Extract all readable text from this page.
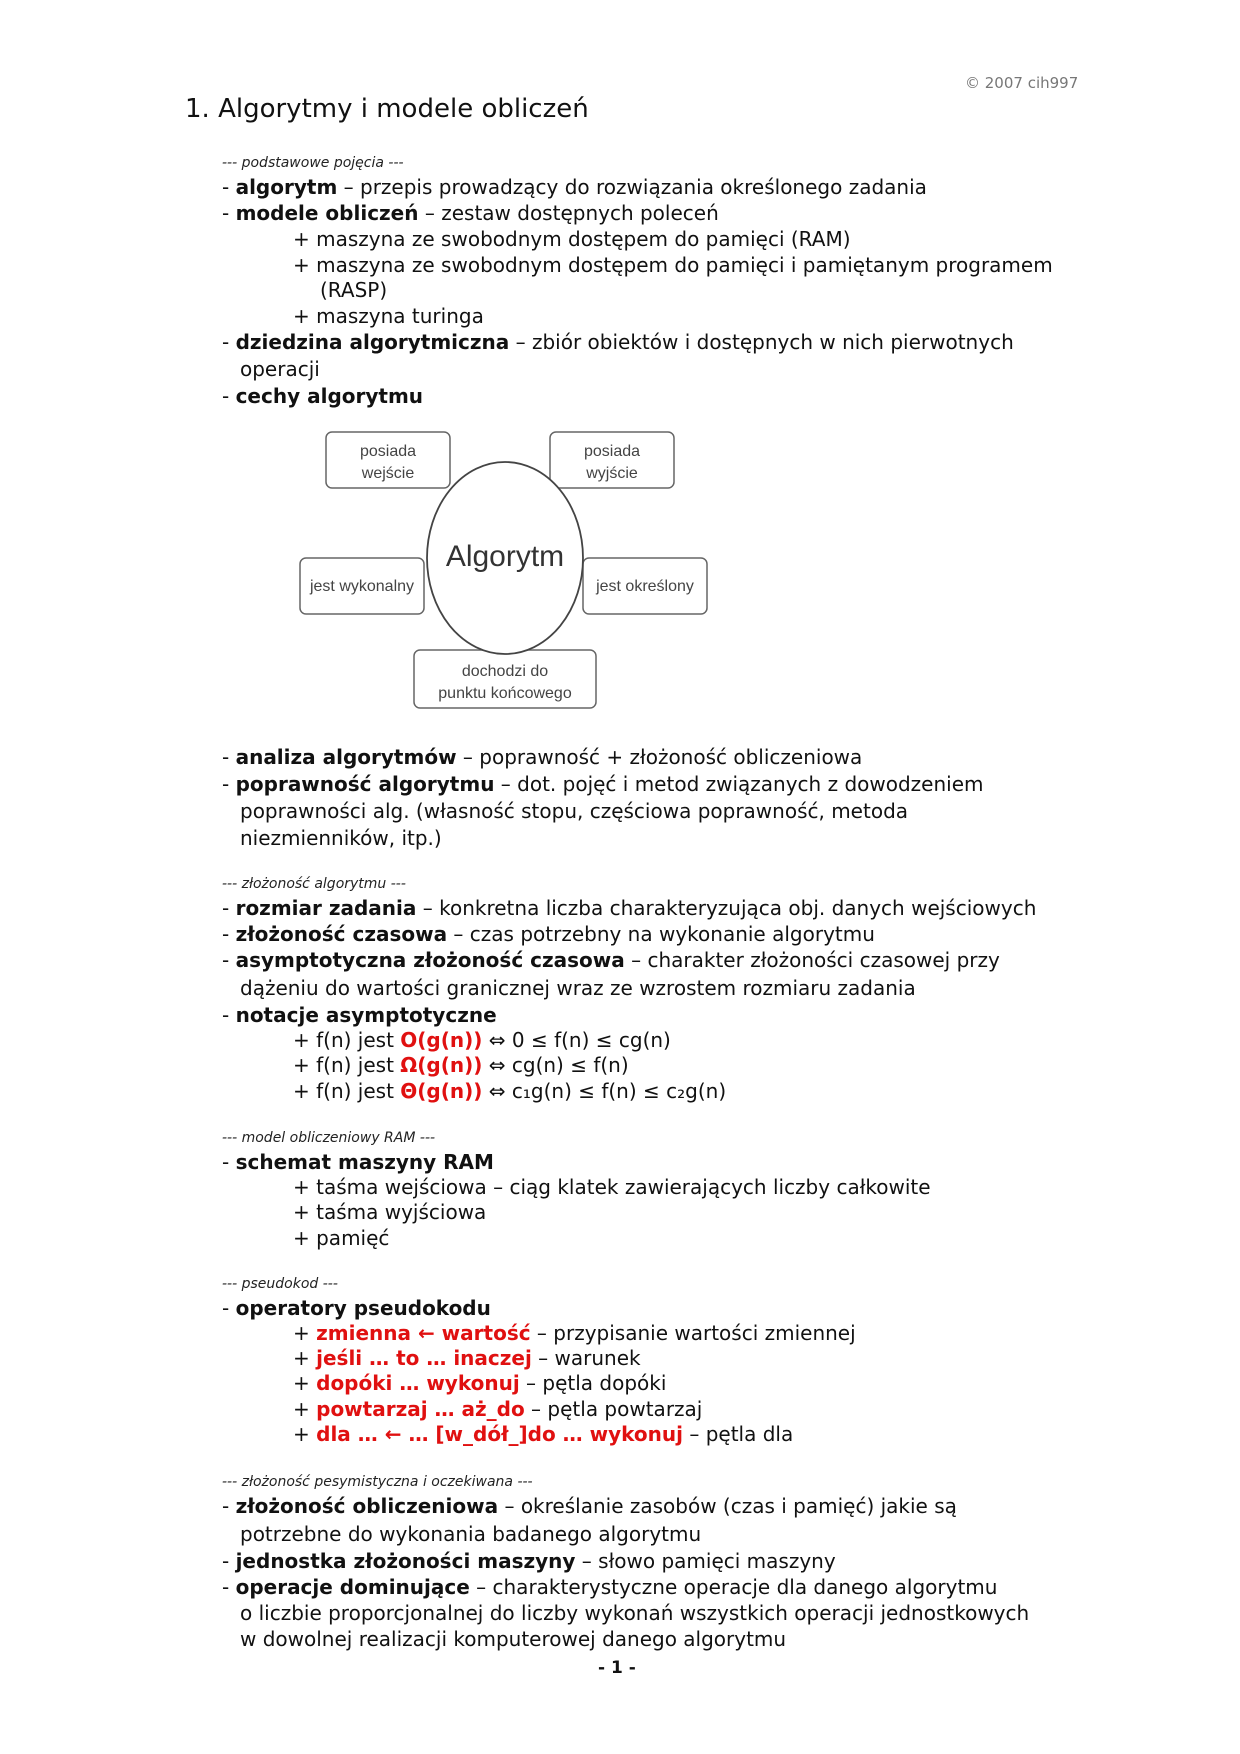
© 2007 cih997
1. Algorytmy i modele obliczeń
--- podstawowe pojęcia ---
- algorytm – przepis prowadzący do rozwiązania określonego zadania
- modele obliczeń – zestaw dostępnych poleceń
+ maszyna ze swobodnym dostępem do pamięci (RAM)
+ maszyna ze swobodnym dostępem do pamięci i pamiętanym programem
(RASP)
+ maszyna turinga
- dziedzina algorytmiczna – zbiór obiektów i dostępnych w nich pierwotnych
operacji
- cechy algorytmu
posiada
wejście
posiada
wyjście
jest wykonalny	jest określony
dochodzi do
punktu końcowego
Algorytm
- analiza algorytmów – poprawność + złożoność obliczeniowa
- poprawność algorytmu – dot. pojęć i metod związanych z dowodzeniem
poprawności alg. (własność stopu, częściowa poprawność, metoda
niezmienników, itp.)
--- złożoność algorytmu ---
- rozmiar zadania – konkretna liczba charakteryzująca obj. danych wejściowych
- złożoność czasowa – czas potrzebny na wykonanie algorytmu
- asymptotyczna złożoność czasowa – charakter złożoności czasowej przy
dążeniu do wartości granicznej wraz ze wzrostem rozmiaru zadania
- notacje asymptotyczne
+ f(n) jest O(g(n)) ⇔ 0 ≤ f(n) ≤ cg(n)
+ f(n) jest Ω(g(n)) ⇔ cg(n) ≤ f(n)
+ f(n) jest Θ(g(n)) ⇔ c₁g(n) ≤ f(n) ≤ c₂g(n)
--- model obliczeniowy RAM ---
- schemat maszyny RAM
+ taśma wejściowa – ciąg klatek zawierających liczby całkowite
+ taśma wyjściowa
+ pamięć
--- pseudokod ---
- operatory pseudokodu
+ zmienna ← wartość – przypisanie wartości zmiennej
+ jeśli … to … inaczej – warunek
+ dopóki … wykonuj – pętla dopóki
+ powtarzaj … aż_do – pętla powtarzaj
+ dla … ← … [w_dół_]do … wykonuj – pętla dla
--- złożoność pesymistyczna i oczekiwana ---
- złożoność obliczeniowa – określanie zasobów (czas i pamięć) jakie są
potrzebne do wykonania badanego algorytmu
- jednostka złożoności maszyny – słowo pamięci maszyny
- operacje dominujące – charakterystyczne operacje dla danego algorytmu
o liczbie proporcjonalnej do liczby wykonań wszystkich operacji jednostkowych
w dowolnej realizacji komputerowej danego algorytmu
- 1 -
